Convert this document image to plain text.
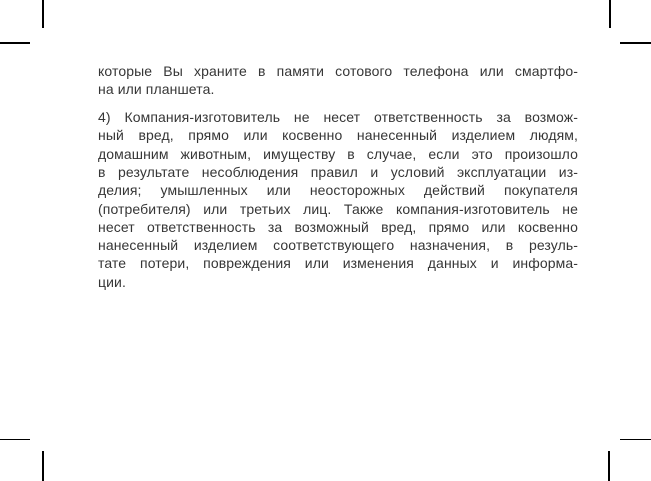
которые Вы храните в памяти сотового телефона или смартфо-
на или планшета.
4) Компания-изготовитель не несет ответственность за возмож-
ный вред, прямо или косвенно нанесенный изделием людям,
домашним животным, имуществу в случае, если это произошло
в результате несоблюдения правил и условий эксплуатации из-
делия; умышленных или неосторожных действий покупателя
(потребителя) или третьих лиц. Также компания-изготовитель не
несет ответственность за возможный вред, прямо или косвенно
нанесенный изделием соответствующего назначения, в резуль-
тате потери, повреждения или изменения данных и информа-
ции.
